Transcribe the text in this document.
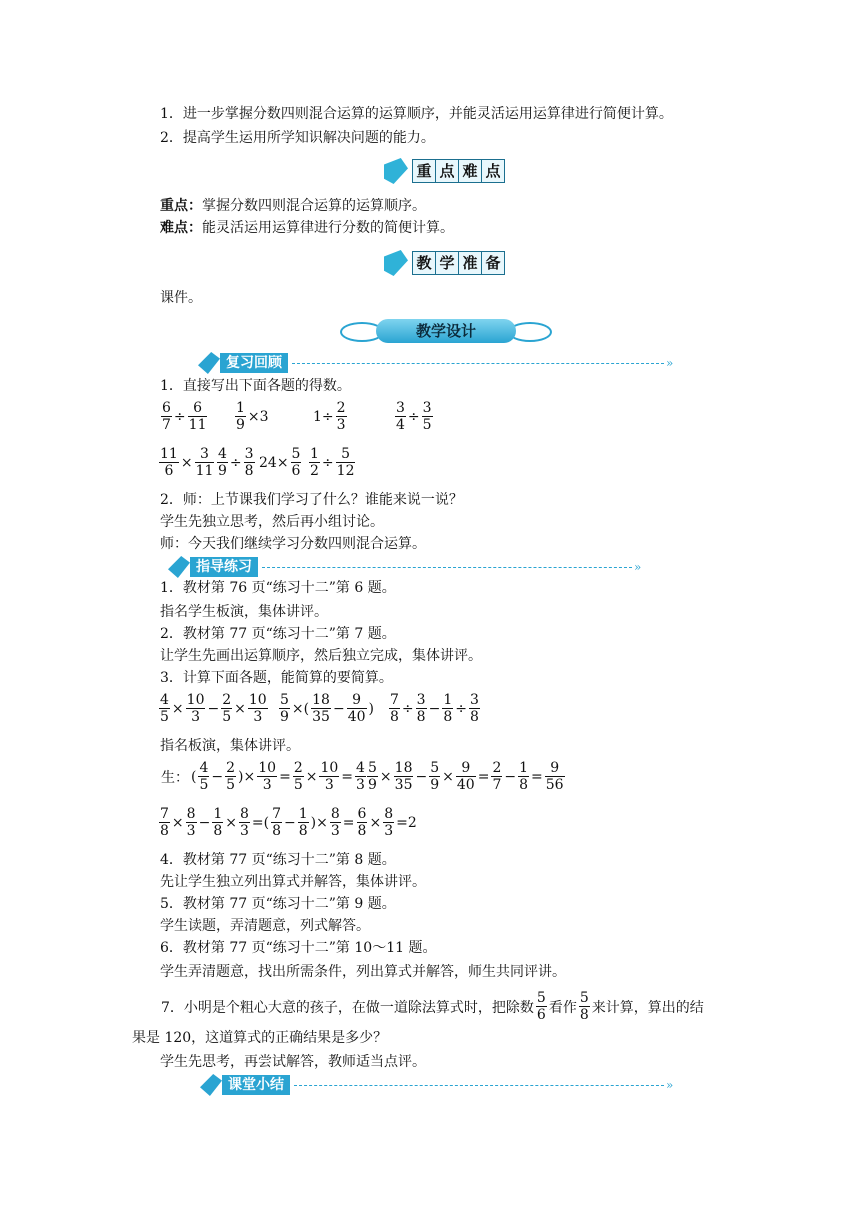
1．进一步掌握分数四则混合运算的运算顺序，并能灵活运用运算律进行简便计算。
2．提高学生运用所学知识解决问题的能力。
重 点 难 点
重点：掌握分数四则混合运算的运算顺序。
难点：能灵活运用运算律进行分数的简便计算。
教 学 准 备
课件。
教学设计
复习回顾	»
1．直接写出下面各题的得数。
$\frac{6}{7} \div \frac{6}{11} \frac{1}{9} \times 3$	$1\div \frac{2}{3}$	$\frac{3}{4} \div \frac{3}{5}$
$\frac{11}{6} \times \frac{3}{11} \frac{4}{9} \div \frac{3}{8} 24\times \frac{5}{6} \frac{1}{2} \div \frac{5}{12}$
2．师：上节课我们学习了什么？谁能来说一说？
学生先独立思考，然后再小组讨论。
师：今天我们继续学习分数四则混合运算。
指导练习	»
1．教材第 76 页“练习十二”第 6 题。
指名学生板演，集体讲评。
2．教材第 77 页“练习十二”第 7 题。
让学生先画出运算顺序，然后独立完成，集体讲评。
3．计算下面各题，能简算的要简算。
$\frac{4}{5} \times \frac{10}{3} - \frac{2}{5} \times \frac{10}{3} \frac{5}{9}$ ×( $\frac{18}{35} - \frac{9}{40}$ ) $\frac{7}{8} \div \frac{3}{8} - \frac{1}{8} \div \frac{3}{8}$
指名板演，集体讲评。
生： ( $\frac{4}{5} - \frac{2}{5}$ )× $\frac{10}{3} = \frac{2}{5} \times \frac{10}{3} = \frac{4}{3} \frac{5}{9} \times \frac{18}{35} - \frac{5}{9} \times \frac{9}{40} = \frac{2}{7} - \frac{1}{8} = \frac{9}{56}$
$\frac{7}{8} \times \frac{8}{3} - \frac{1}{8} \times \frac{8}{3}$ =( $\frac{7}{8} - \frac{1}{8}$ )× $\frac{8}{3} = \frac{6}{8} \times \frac{8}{3} =2$
4．教材第 77 页“练习十二”第 8 题。
先让学生独立列出算式并解答，集体讲评。
5．教材第 77 页“练习十二”第 9 题。
学生读题，弄清题意，列式解答。
6．教材第 77 页“练习十二”第 10～11 题。
学生弄清题意，找出所需条件，列出算式并解答，师生共同评讲。
7．小明是个粗心大意的孩子，在做一道除法算式时，把除数 $\frac{5}{6}$ 看作 $\frac{5}{8}$ 来计算，算出的结
果是 120，这道算式的正确结果是多少？
学生先思考，再尝试解答，教师适当点评。
课堂小结	»
